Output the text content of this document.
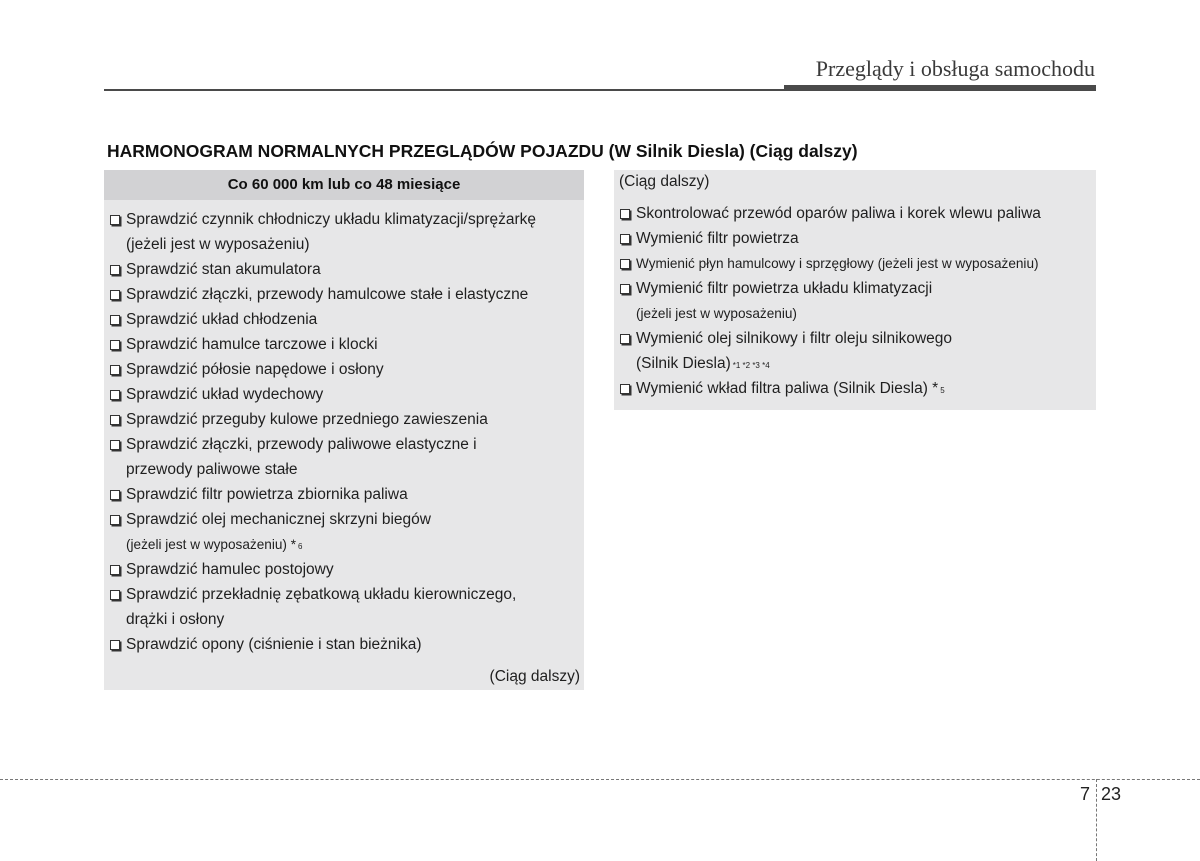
Przeglądy i obsługa samochodu
HARMONOGRAM NORMALNYCH PRZEGLĄDÓW POJAZDU (W Silnik Diesla) (Ciąg dalszy)
Co 60 000 km lub co 48 miesiące
Sprawdzić czynnik chłodniczy układu klimatyzacji/sprężarkę
(jeżeli jest w wyposażeniu)
Sprawdzić stan akumulatora
Sprawdzić złączki, przewody hamulcowe stałe i elastyczne
Sprawdzić układ chłodzenia
Sprawdzić hamulce tarczowe i klocki
Sprawdzić półosie napędowe i osłony
Sprawdzić układ wydechowy
Sprawdzić przeguby kulowe przedniego zawieszenia
Sprawdzić złączki, przewody paliwowe elastyczne i
przewody paliwowe stałe
Sprawdzić filtr powietrza zbiornika paliwa
Sprawdzić olej mechanicznej skrzyni biegów
(jeżeli jest w wyposażeniu) * $^6$
Sprawdzić hamulec postojowy
Sprawdzić przekładnię zębatkową układu kierowniczego,
drążki i osłony
Sprawdzić opony (ciśnienie i stan bieżnika)
(Ciąg dalszy)
(Ciąg dalszy)
Skontrolować przewód oparów paliwa i korek wlewu paliwa
Wymienić filtr powietrza
Wymienić płyn hamulcowy i sprzęgłowy (jeżeli jest w wyposażeniu)
Wymienić filtr powietrza układu klimatyzacji
(jeżeli jest w wyposażeniu)
Wymienić olej silnikowy i filtr oleju silnikowego
(Silnik Diesla) $^{*1 *2 *3 *4}$
Wymienić wkład filtra paliwa (Silnik Diesla) * $^5$
7 23
